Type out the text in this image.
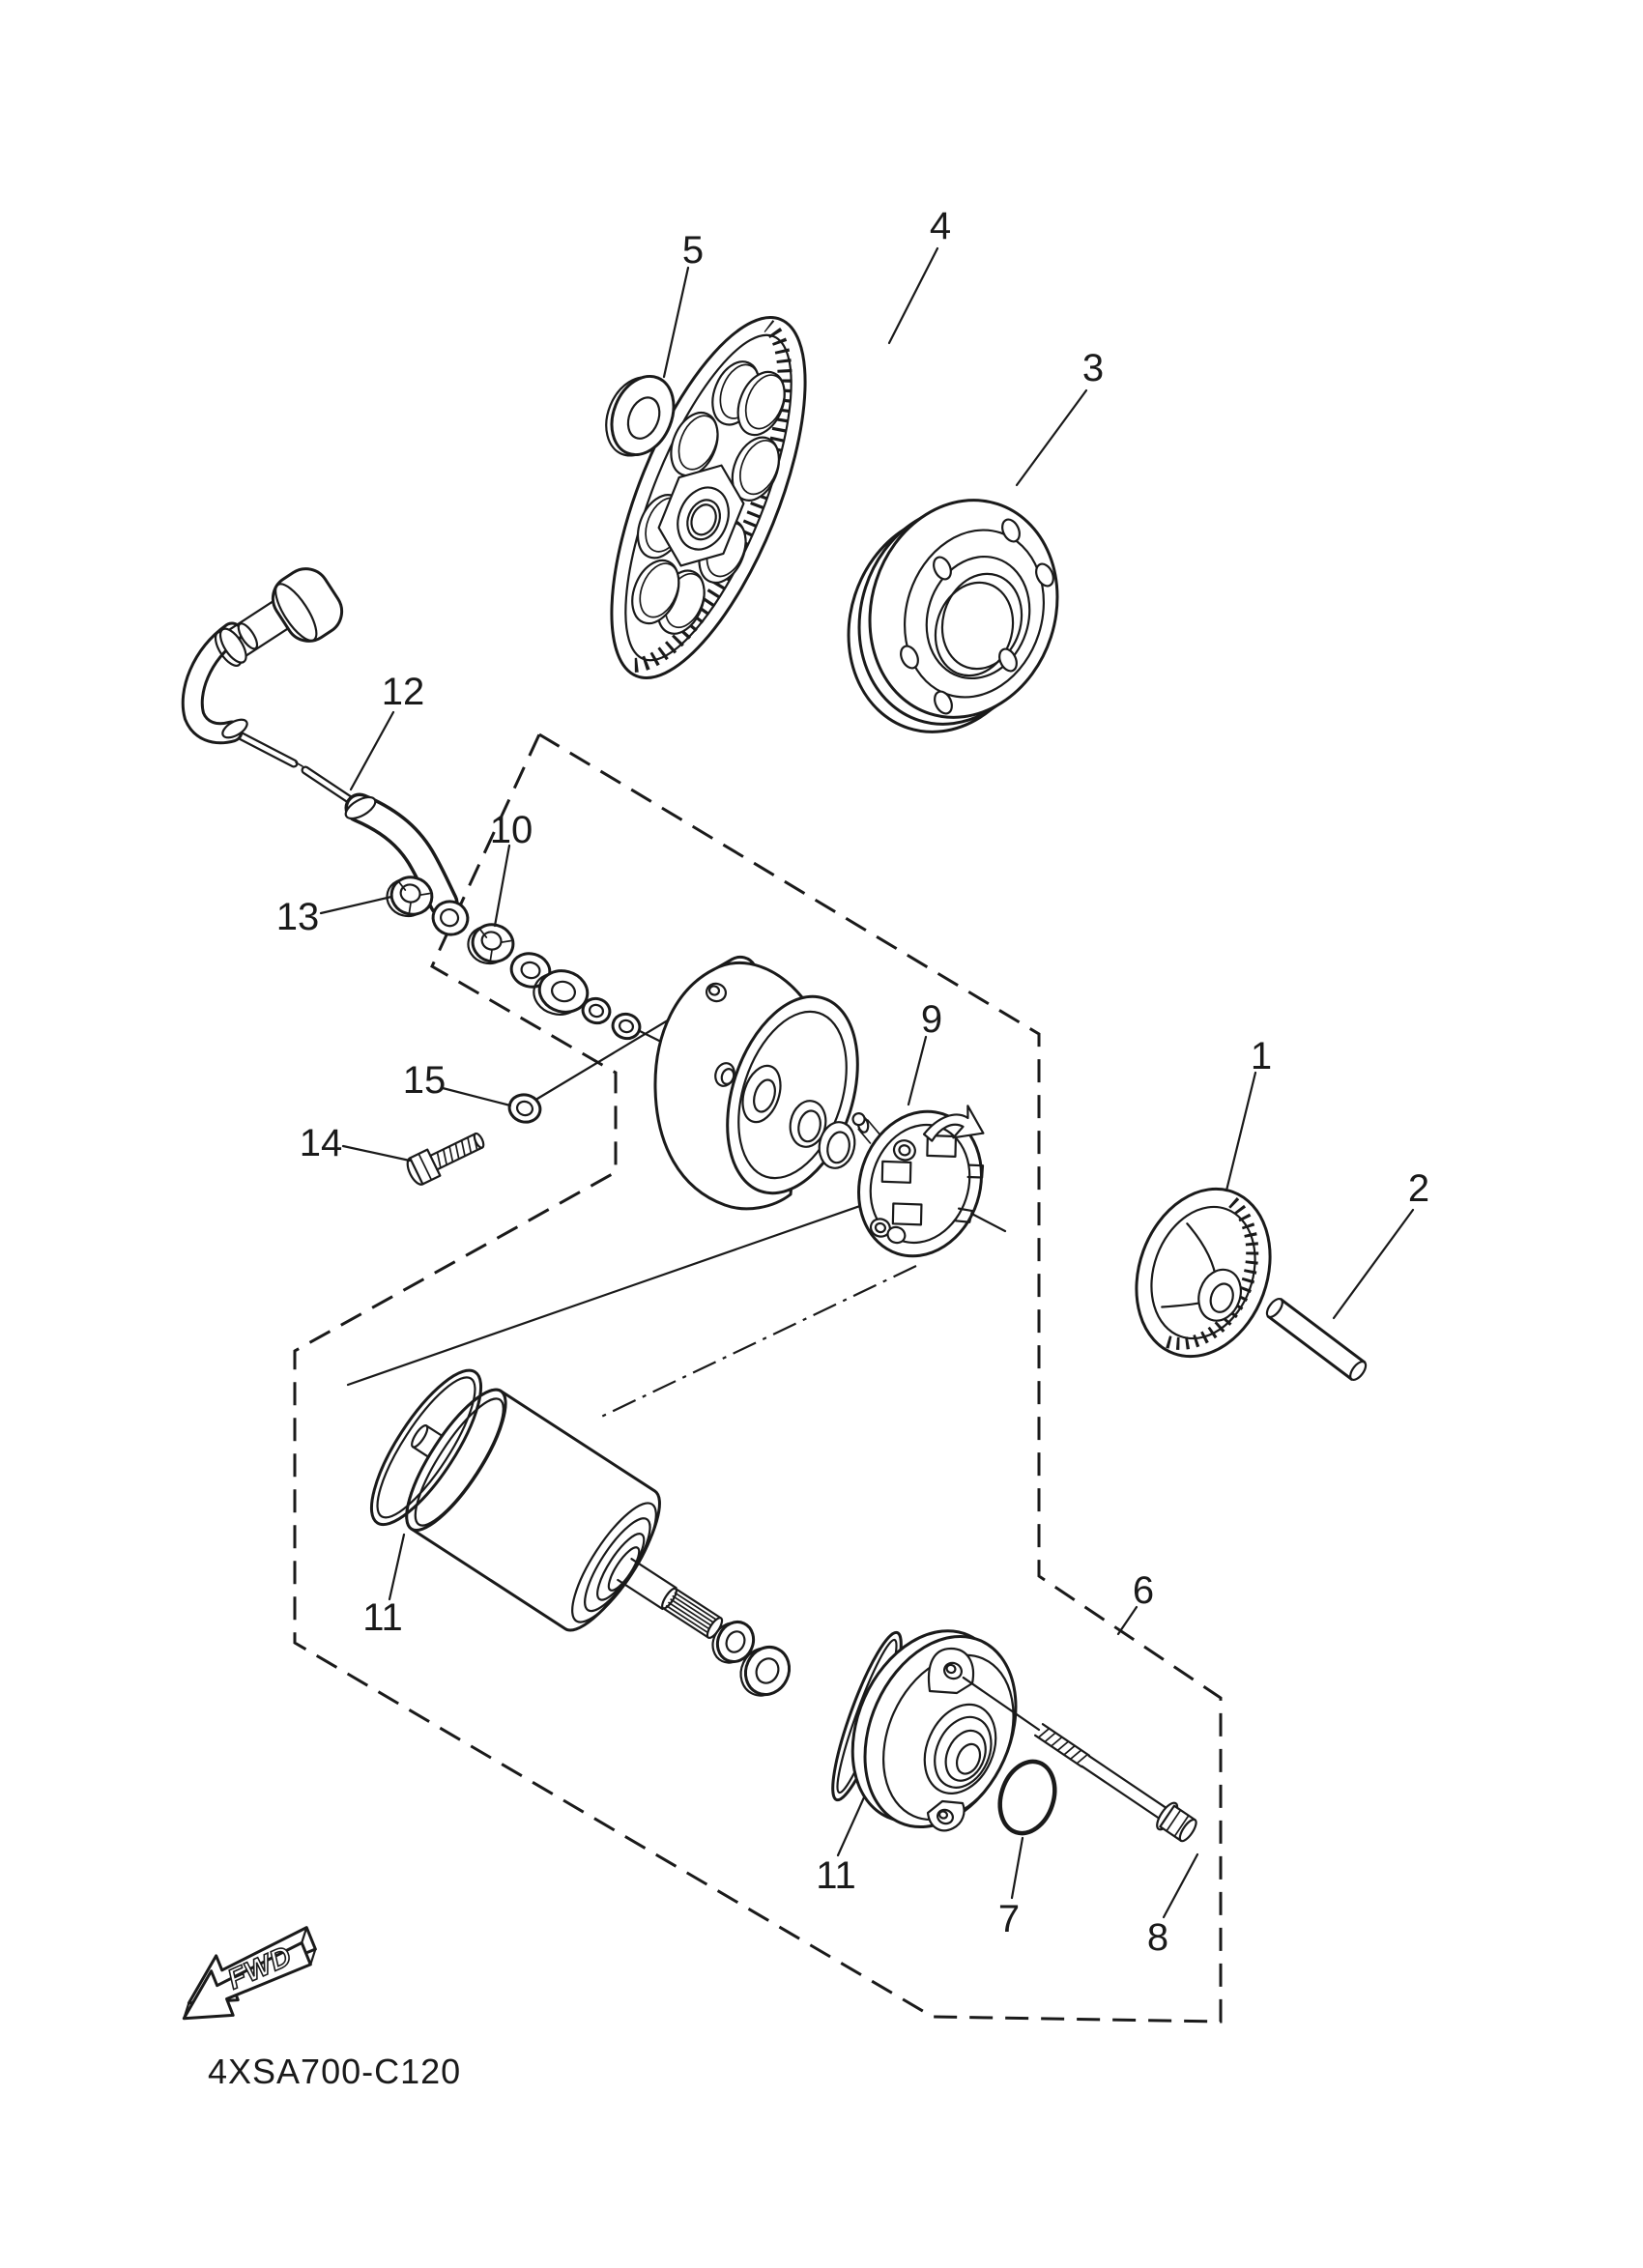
FWD
4XSA700-C120
5
4
3
12
10
13
15
14
9
1
2
11
6
11
7	8
